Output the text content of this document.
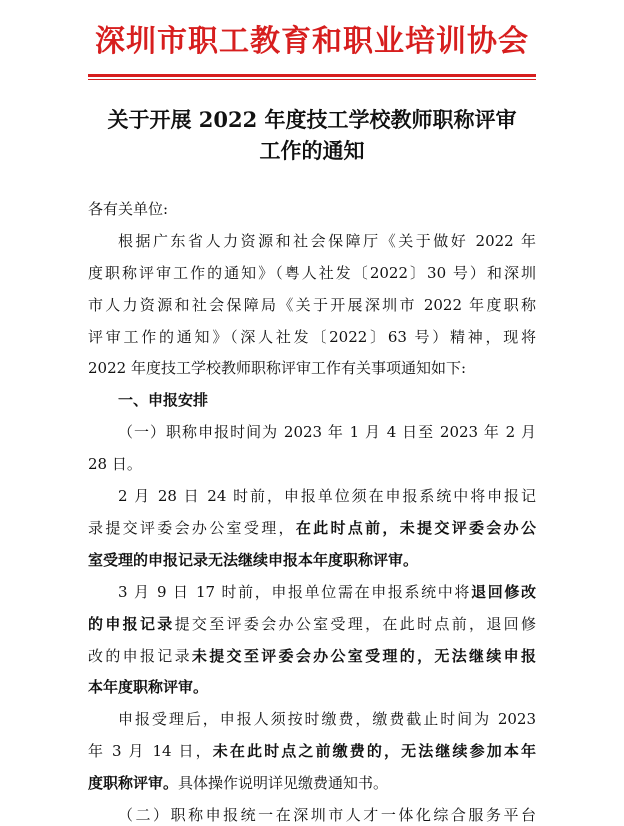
深圳市职工教育和职业培训协会
关于开展 2022 年度技工学校教师职称评审
工作的通知
各有关单位:
根据广东省人力资源和社会保障厅《关于做好 2022 年
度职称评审工作的通知》（粤人社发〔2022〕30 号）和深圳
市人力资源和社会保障局《关于开展深圳市 2022 年度职称
评审工作的通知》（深人社发〔2022〕63 号）精神，现将
2022 年度技工学校教师职称评审工作有关事项通知如下:
一、申报安排
（一）职称申报时间为 2023 年 1 月 4 日至 2023 年 2 月
28 日。
2 月 28 日 24 时前，申报单位须在申报系统中将申报记
录提交评委会办公室受理，在此时点前，未提交评委会办公
室受理的申报记录无法继续申报本年度职称评审。
3 月 9 日 17 时前，申报单位需在申报系统中将退回修改
的申报记录提交至评委会办公室受理，在此时点前，退回修
改的申报记录未提交至评委会办公室受理的，无法继续申报
本年度职称评审。
申报受理后，申报人须按时缴费，缴费截止时间为 2023
年 3 月 14 日，未在此时点之前缴费的，无法继续参加本年
度职称评审。具体操作说明详见缴费通知书。
（二）职称申报统一在深圳市人才一体化综合服务平台
